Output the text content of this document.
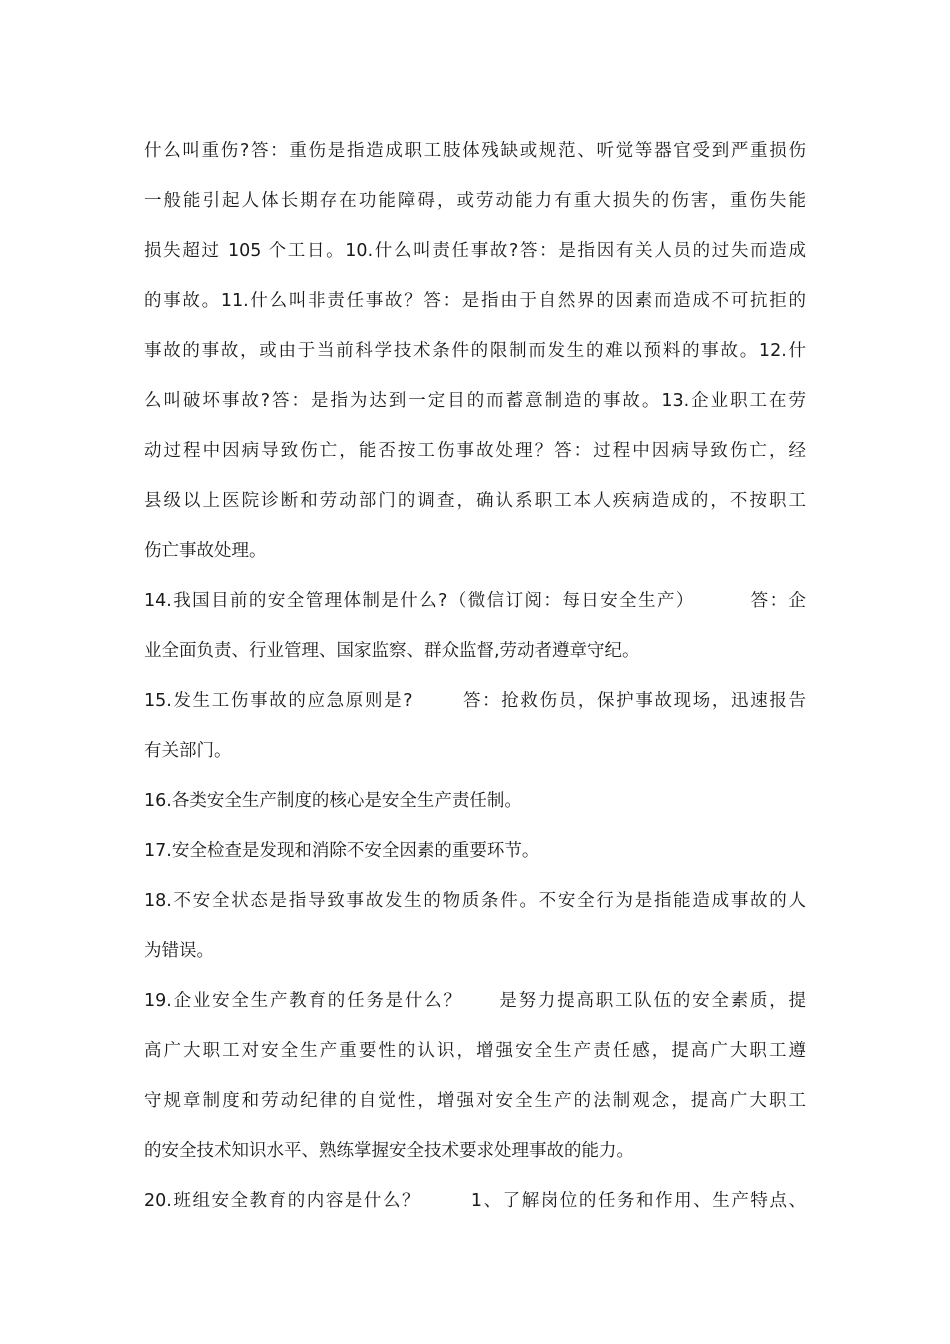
什么叫重伤?答：重伤是指造成职工肢体残缺或规范、听觉等器官受到严重损伤

一般能引起人体长期存在功能障碍，或劳动能力有重大损失的伤害，重伤失能

损失超过 105 个工日。10.什么叫责任事故?答：是指因有关人员的过失而造成

的事故。11.什么叫非责任事故？答：是指由于自然界的因素而造成不可抗拒的

事故的事故，或由于当前科学技术条件的限制而发生的难以预料的事故。12.什

么叫破坏事故?答：是指为达到一定目的而蓄意制造的事故。13.企业职工在劳

动过程中因病导致伤亡，能否按工伤事故处理？答：过程中因病导致伤亡，经

县级以上医院诊断和劳动部门的调查，确认系职工本人疾病造成的，不按职工

伤亡事故处理。

14.我国目前的安全管理体制是什么?（微信订阅：每日安全生产）        答：企

业全面负责、行业管理、国家监察、群众监督,劳动者遵章守纪。

15.发生工伤事故的应急原则是?       答：抢救伤员，保护事故现场，迅速报告

有关部门。

16.各类安全生产制度的核心是安全生产责任制。

17.安全检查是发现和消除不安全因素的重要环节。

18.不安全状态是指导致事故发生的物质条件。不安全行为是指能造成事故的人

为错误。

19.企业安全生产教育的任务是什么？     是努力提高职工队伍的安全素质，提

高广大职工对安全生产重要性的认识，增强安全生产责任感，提高广大职工遵

守规章制度和劳动纪律的自觉性，增强对安全生产的法制观念，提高广大职工

的安全技术知识水平、熟练掌握安全技术要求处理事故的能力。

20.班组安全教育的内容是什么？       1、了解岗位的任务和作用、生产特点、
